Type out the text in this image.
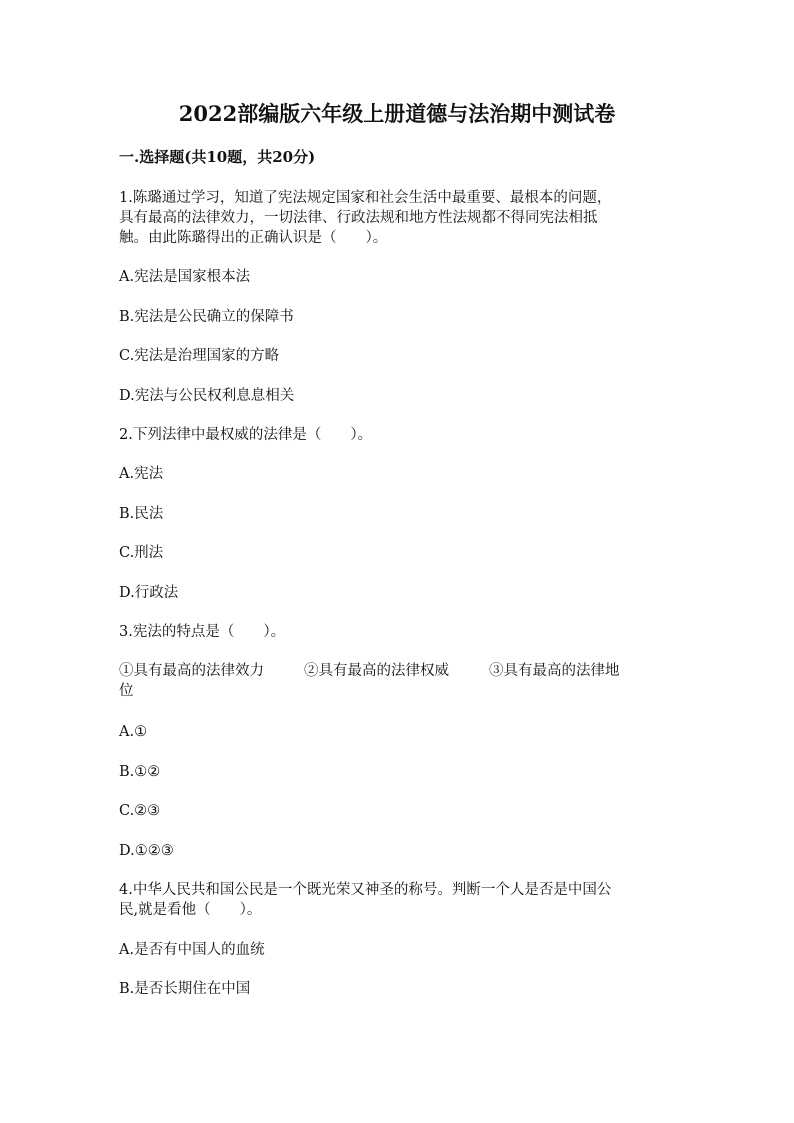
2022部编版六年级上册道德与法治期中测试卷
一.选择题(共10题，共20分)
1.陈璐通过学习，知道了宪法规定国家和社会生活中最重要、最根本的问题，
具有最高的法律效力，一切法律、行政法规和地方性法规都不得同宪法相抵
触。由此陈璐得出的正确认识是（　　）。
A.宪法是国家根本法
B.宪法是公民确立的保障书
C.宪法是治理国家的方略
D.宪法与公民权利息息相关
2.下列法律中最权威的法律是（　　）。
A.宪法
B.民法
C.刑法
D.行政法
3.宪法的特点是（　　）。
①具有最高的法律效力	②具有最高的法律权威	③具有最高的法律地
位
A.①
B.①②
C.②③
D.①②③
4.中华人民共和国公民是一个既光荣又神圣的称号。判断一个人是否是中国公
民,就是看他（　　）。
A.是否有中国人的血统
B.是否长期住在中国
